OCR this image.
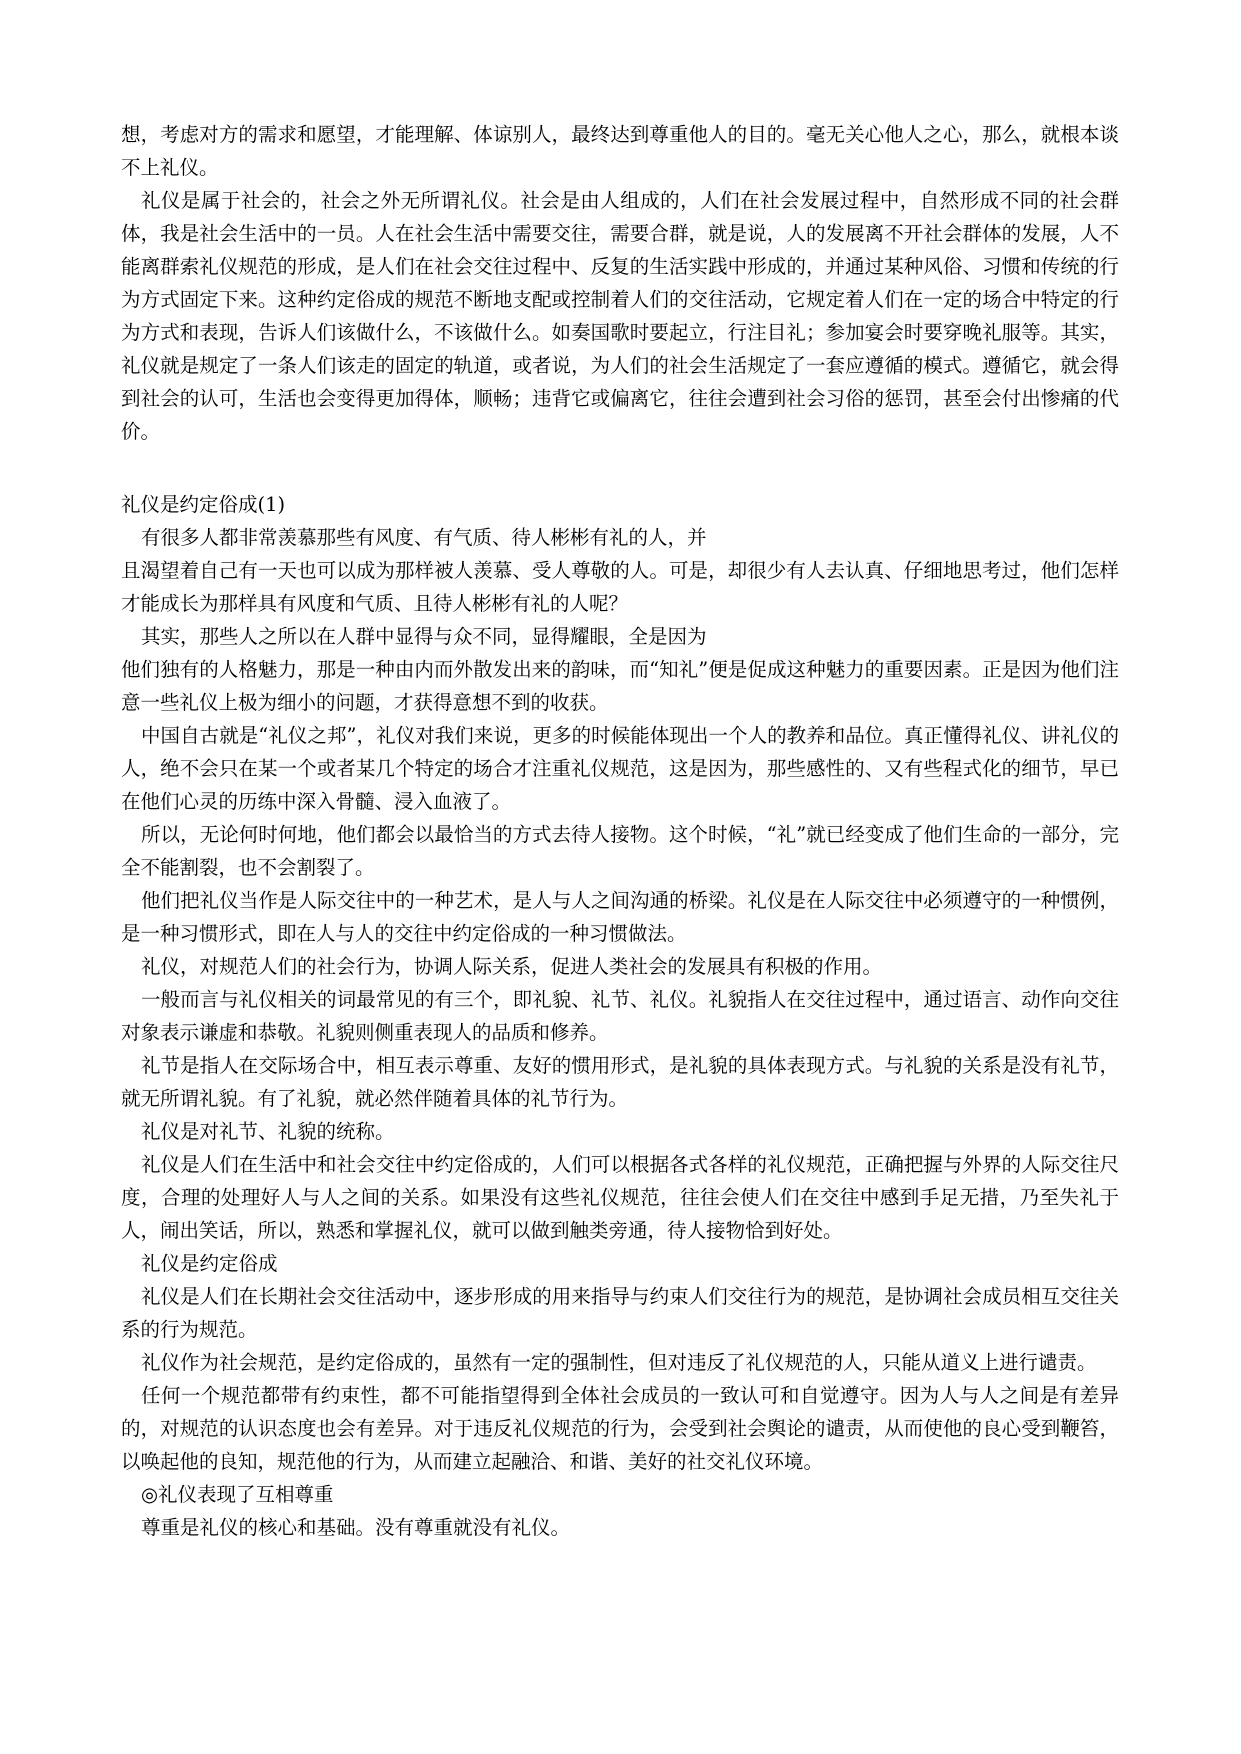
想，考虑对方的需求和愿望，才能理解、体谅别人，最终达到尊重他人的目的。毫无关心他人之心，那么，就根本谈不上礼仪。

礼仪是属于社会的，社会之外无所谓礼仪。社会是由人组成的，人们在社会发展过程中，自然形成不同的社会群体，我是社会生活中的一员。人在社会生活中需要交往，需要合群，就是说，人的发展离不开社会群体的发展，人不能离群索礼仪规范的形成，是人们在社会交往过程中、反复的生活实践中形成的，并通过某种风俗、习惯和传统的行为方式固定下来。这种约定俗成的规范不断地支配或控制着人们的交往活动，它规定着人们在一定的场合中特定的行为方式和表现，告诉人们该做什么，不该做什么。如奏国歌时要起立，行注目礼；参加宴会时要穿晚礼服等。其实，礼仪就是规定了一条人们该走的固定的轨道，或者说，为人们的社会生活规定了一套应遵循的模式。遵循它，就会得到社会的认可，生活也会变得更加得体，顺畅；违背它或偏离它，往往会遭到社会习俗的惩罚，甚至会付出惨痛的代价。

礼仪是约定俗成(1)

有很多人都非常羡慕那些有风度、有气质、待人彬彬有礼的人，并

且渴望着自己有一天也可以成为那样被人羡慕、受人尊敬的人。可是，却很少有人去认真、仔细地思考过，他们怎样才能成长为那样具有风度和气质、且待人彬彬有礼的人呢？

其实，那些人之所以在人群中显得与众不同，显得耀眼，全是因为

他们独有的人格魅力，那是一种由内而外散发出来的韵味，而“知礼”便是促成这种魅力的重要因素。正是因为他们注意一些礼仪上极为细小的问题，才获得意想不到的收获。

中国自古就是“礼仪之邦”，礼仪对我们来说，更多的时候能体现出一个人的教养和品位。真正懂得礼仪、讲礼仪的人，绝不会只在某一个或者某几个特定的场合才注重礼仪规范，这是因为，那些感性的、又有些程式化的细节，早已在他们心灵的历练中深入骨髓、浸入血液了。

所以，无论何时何地，他们都会以最恰当的方式去待人接物。这个时候，“礼”就已经变成了他们生命的一部分，完全不能割裂，也不会割裂了。

他们把礼仪当作是人际交往中的一种艺术，是人与人之间沟通的桥梁。礼仪是在人际交往中必须遵守的一种惯例，是一种习惯形式，即在人与人的交往中约定俗成的一种习惯做法。

礼仪，对规范人们的社会行为，协调人际关系，促进人类社会的发展具有积极的作用。

一般而言与礼仪相关的词最常见的有三个，即礼貌、礼节、礼仪。礼貌指人在交往过程中，通过语言、动作向交往对象表示谦虚和恭敬。礼貌则侧重表现人的品质和修养。

礼节是指人在交际场合中，相互表示尊重、友好的惯用形式，是礼貌的具体表现方式。与礼貌的关系是没有礼节，就无所谓礼貌。有了礼貌，就必然伴随着具体的礼节行为。

礼仪是对礼节、礼貌的统称。

礼仪是人们在生活中和社会交往中约定俗成的，人们可以根据各式各样的礼仪规范，正确把握与外界的人际交往尺度，合理的处理好人与人之间的关系。如果没有这些礼仪规范，往往会使人们在交往中感到手足无措，乃至失礼于人，闹出笑话，所以，熟悉和掌握礼仪，就可以做到触类旁通，待人接物恰到好处。

礼仪是约定俗成

礼仪是人们在长期社会交往活动中，逐步形成的用来指导与约束人们交往行为的规范，是协调社会成员相互交往关系的行为规范。

礼仪作为社会规范，是约定俗成的，虽然有一定的强制性，但对违反了礼仪规范的人，只能从道义上进行谴责。

任何一个规范都带有约束性，都不可能指望得到全体社会成员的一致认可和自觉遵守。因为人与人之间是有差异的，对规范的认识态度也会有差异。对于违反礼仪规范的行为，会受到社会舆论的谴责，从而使他的良心受到鞭笞，以唤起他的良知，规范他的行为，从而建立起融洽、和谐、美好的社交礼仪环境。

◎礼仪表现了互相尊重

尊重是礼仪的核心和基础。没有尊重就没有礼仪。
